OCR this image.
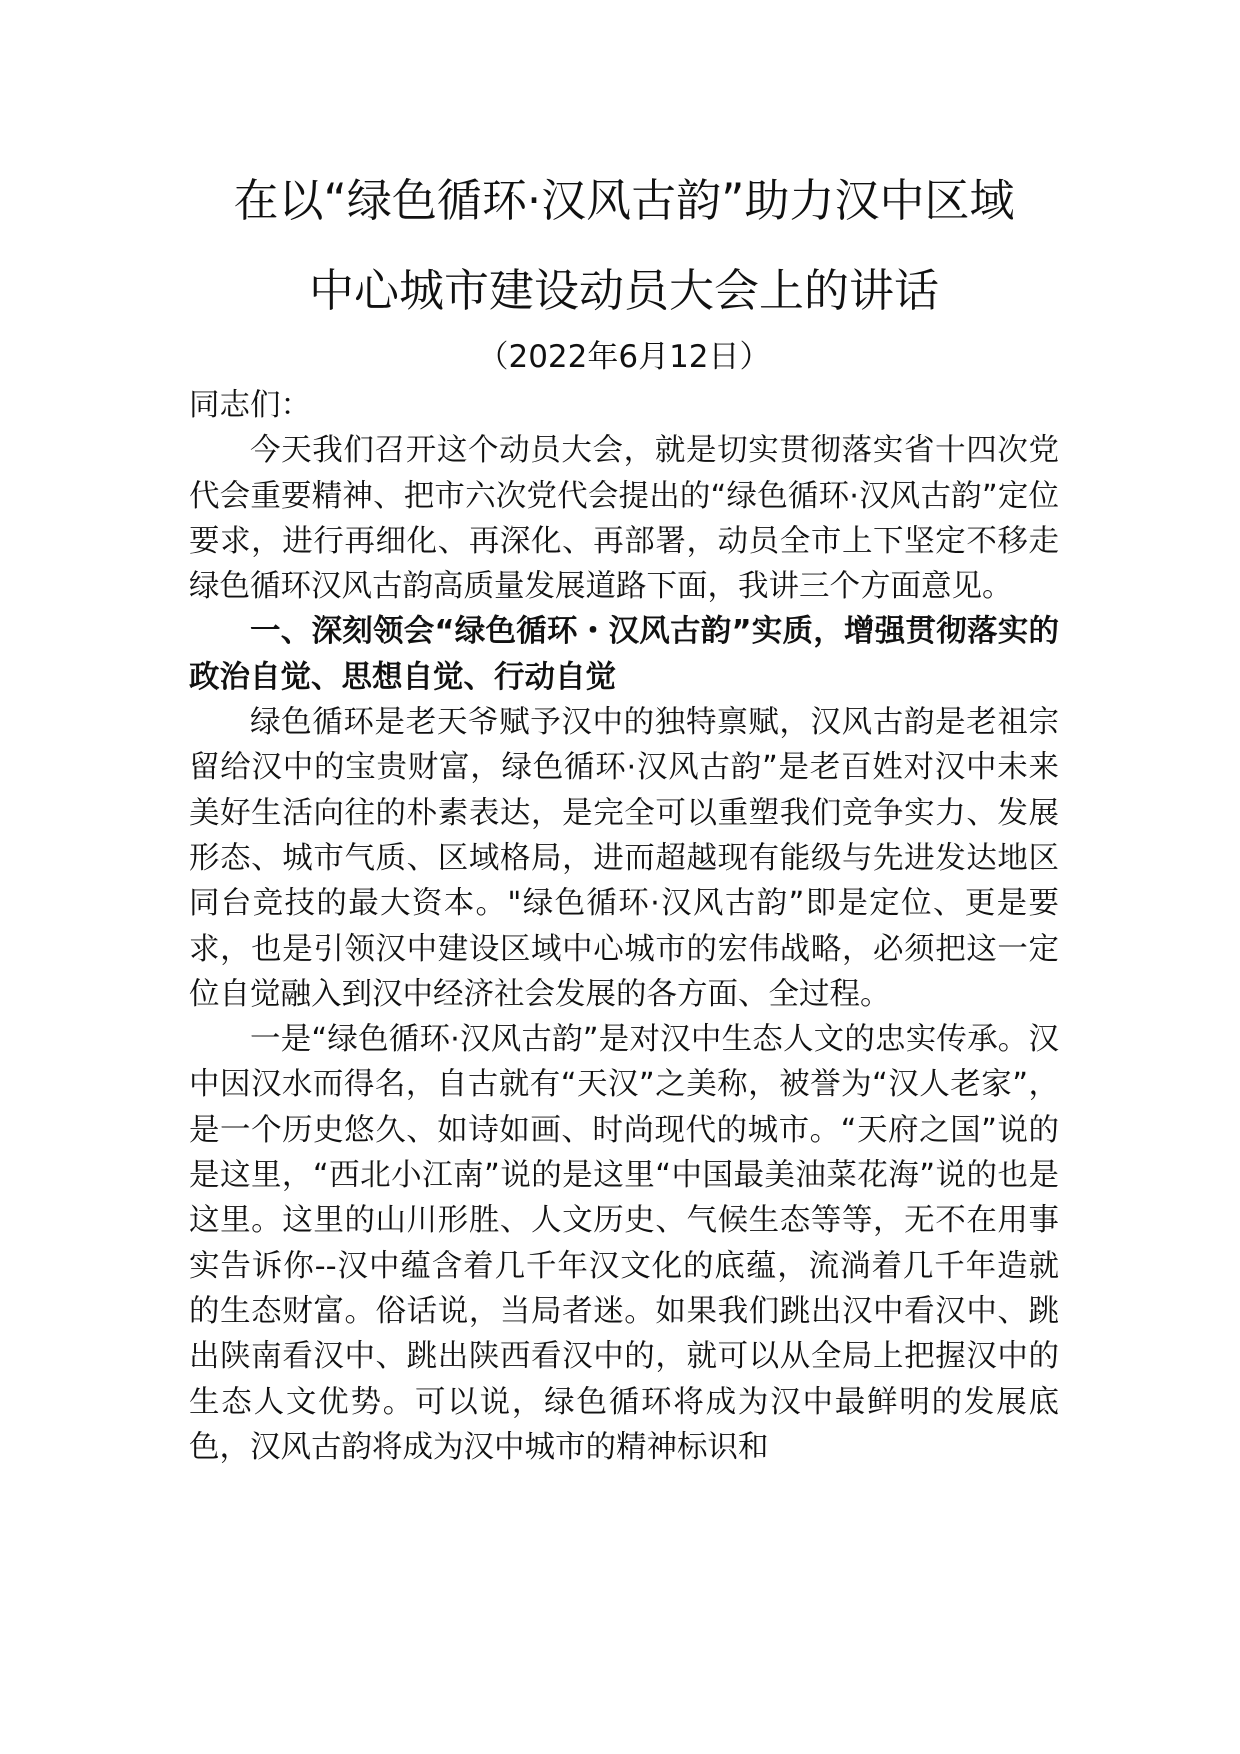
在以“绿色循环·汉风古韵”助力汉中区域
中心城市建设动员大会上的讲话
（2022年6月12日）

同志们：

今天我们召开这个动员大会，就是切实贯彻落实省十四次党代会重要精神、把市六次党代会提出的“绿色循环·汉风古韵”定位要求，进行再细化、再深化、再部署，动员全市上下坚定不移走绿色循环汉风古韵高质量发展道路下面，我讲三个方面意见。

一、深刻领会“绿色循环・汉风古韵”实质，增强贯彻落实的政治自觉、思想自觉、行动自觉

绿色循环是老天爷赋予汉中的独特禀赋，汉风古韵是老祖宗留给汉中的宝贵财富，绿色循环·汉风古韵”是老百姓对汉中未来美好生活向往的朴素表达，是完全可以重塑我们竞争实力、发展形态、城市气质、区域格局，进而超越现有能级与先进发达地区同台竞技的最大资本。"绿色循环·汉风古韵”即是定位、更是要求，也是引领汉中建设区域中心城市的宏伟战略，必须把这一定位自觉融入到汉中经济社会发展的各方面、全过程。

一是“绿色循环·汉风古韵”是对汉中生态人文的忠实传承。汉中因汉水而得名，自古就有“天汉”之美称，被誉为“汉人老家”，是一个历史悠久、如诗如画、时尚现代的城市。“天府之国”说的是这里，“西北小江南”说的是这里“中国最美油菜花海”说的也是这里。这里的山川形胜、人文历史、气候生态等等，无不在用事实告诉你--汉中蕴含着几千年汉文化的底蕴，流淌着几千年造就的生态财富。俗话说，当局者迷。如果我们跳出汉中看汉中、跳出陕南看汉中、跳出陕西看汉中的，就可以从全局上把握汉中的生态人文优势。可以说，绿色循环将成为汉中最鲜明的发展底色，汉风古韵将成为汉中城市的精神标识和
